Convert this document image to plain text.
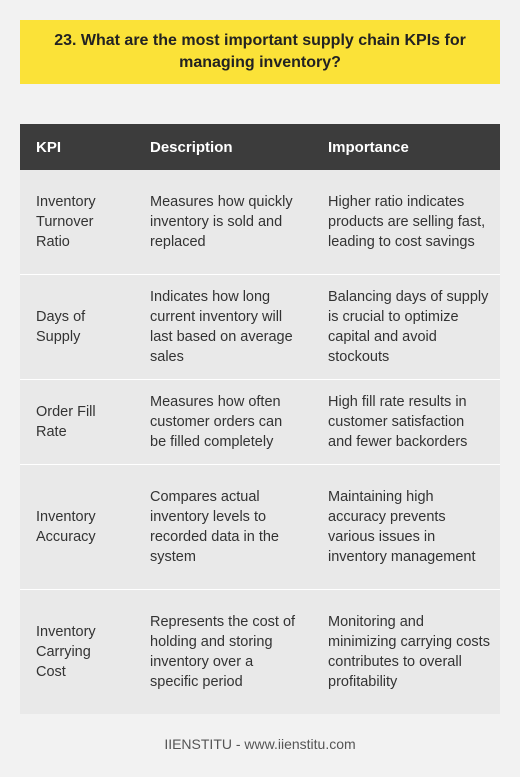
23. What are the most important supply chain KPIs for managing inventory?
KPI	Description	Importance
Inventory Turnover Ratio	Measures how quickly inventory is sold and replaced	Higher ratio indicates products are selling fast, leading to cost savings
Days of Supply	Indicates how long current inventory will last based on average sales	Balancing days of supply is crucial to optimize capital and avoid stockouts
Order Fill Rate	Measures how often customer orders can be filled completely	High fill rate results in customer satisfaction and fewer backorders
Inventory Accuracy	Compares actual inventory levels to recorded data in the system	Maintaining high accuracy prevents various issues in inventory management
Inventory Carrying Cost	Represents the cost of holding and storing inventory over a specific period	Monitoring and minimizing carrying costs contributes to overall profitability
IIENSTITU - www.iienstitu.com
